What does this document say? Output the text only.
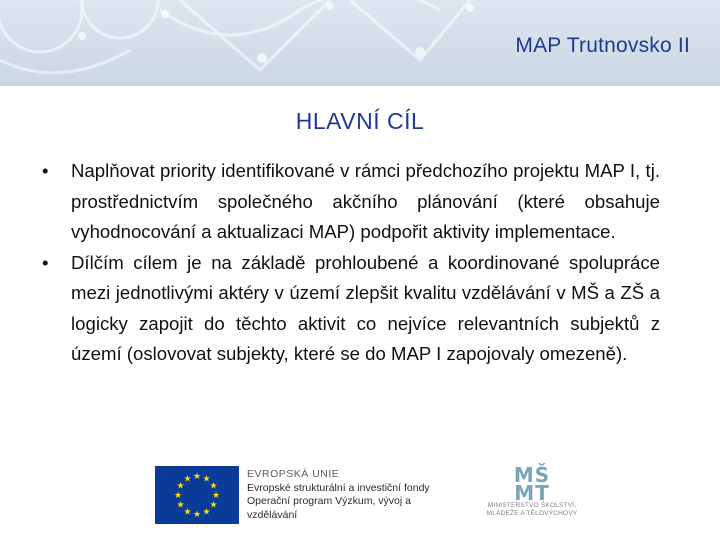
MAP Trutnovsko II
HLAVNÍ CÍL
•	Naplňovat priority identifikované v rámci předchozího projektu MAP I, tj. prostřednictvím společného akčního plánování (které obsahuje vyhodnocování a aktualizaci MAP) podpořit aktivity implementace.
•	Dílčím cílem je na základě prohloubené a koordinované spolupráce mezi jednotlivými aktéry v území zlepšit kvalitu vzdělávání v MŠ a ZŠ a logicky zapojit do těchto aktivit co nejvíce relevantních subjektů z území (oslovovat subjekty, které se do MAP I zapojovaly omezeně).
★ ★
★
★
★
★
★
★
★
★
★
★	EVROPSKÁ UNIE
Evropské strukturální a investiční fondy
Operační program Výzkum, vývoj a vzdělávání
MŠ
MT
MINISTERSTVO ŠKOLSTVÍ,
MLÁDEŽE A TĚLOVÝCHOVY
